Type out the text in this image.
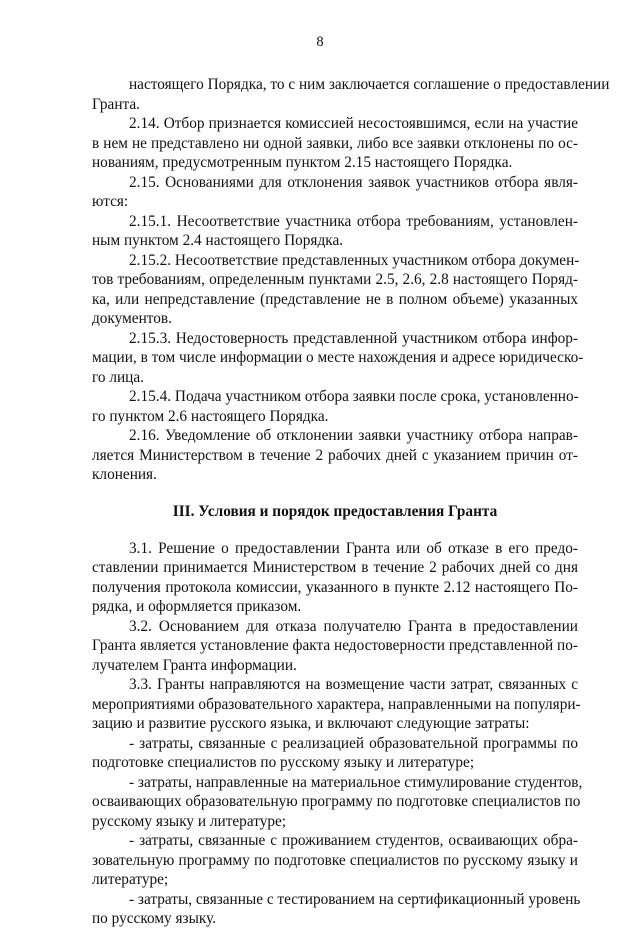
8
настоящего Порядка, то с ним заключается соглашение о предоставлении
Гранта.
2.14. Отбор признается комиссией несостоявшимся, если на участие
в нем не представлено ни одной заявки, либо все заявки отклонены по ос-
нованиям, предусмотренным пунктом 2.15 настоящего Порядка.
2.15. Основаниями для отклонения заявок участников отбора явля-
ются:
2.15.1. Несоответствие участника отбора требованиям, установлен-
ным пунктом 2.4 настоящего Порядка.
2.15.2. Несоответствие представленных участником отбора докумен-
тов требованиям, определенным пунктами 2.5, 2.6, 2.8 настоящего Поряд-
ка, или непредставление (представление не в полном объеме) указанных
документов.
2.15.3. Недостоверность представленной участником отбора инфор-
мации, в том числе информации о месте нахождения и адресе юридическо-
го лица.
2.15.4. Подача участником отбора заявки после срока, установленно-
го пунктом 2.6 настоящего Порядка.
2.16. Уведомление об отклонении заявки участнику отбора направ-
ляется Министерством в течение 2 рабочих дней с указанием причин от-
клонения.
III. Условия и порядок предоставления Гранта
3.1. Решение о предоставлении Гранта или об отказе в его предо-
ставлении принимается Министерством в течение 2 рабочих дней со дня
получения протокола комиссии, указанного в пункте 2.12 настоящего По-
рядка, и оформляется приказом.
3.2. Основанием для отказа получателю Гранта в предоставлении
Гранта является установление факта недостоверности представленной по-
лучателем Гранта информации.
3.3. Гранты направляются на возмещение части затрат, связанных с
мероприятиями образовательного характера, направленными на популяри-
зацию и развитие русского языка, и включают следующие затраты:
- затраты, связанные с реализацией образовательной программы по
подготовке специалистов по русскому языку и литературе;
- затраты, направленные на материальное стимулирование студентов,
осваивающих образовательную программу по подготовке специалистов по
русскому языку и литературе;
- затраты, связанные с проживанием студентов, осваивающих обра-
зовательную программу по подготовке специалистов по русскому языку и
литературе;
- затраты, связанные с тестированием на сертификационный уровень
по русскому языку.
